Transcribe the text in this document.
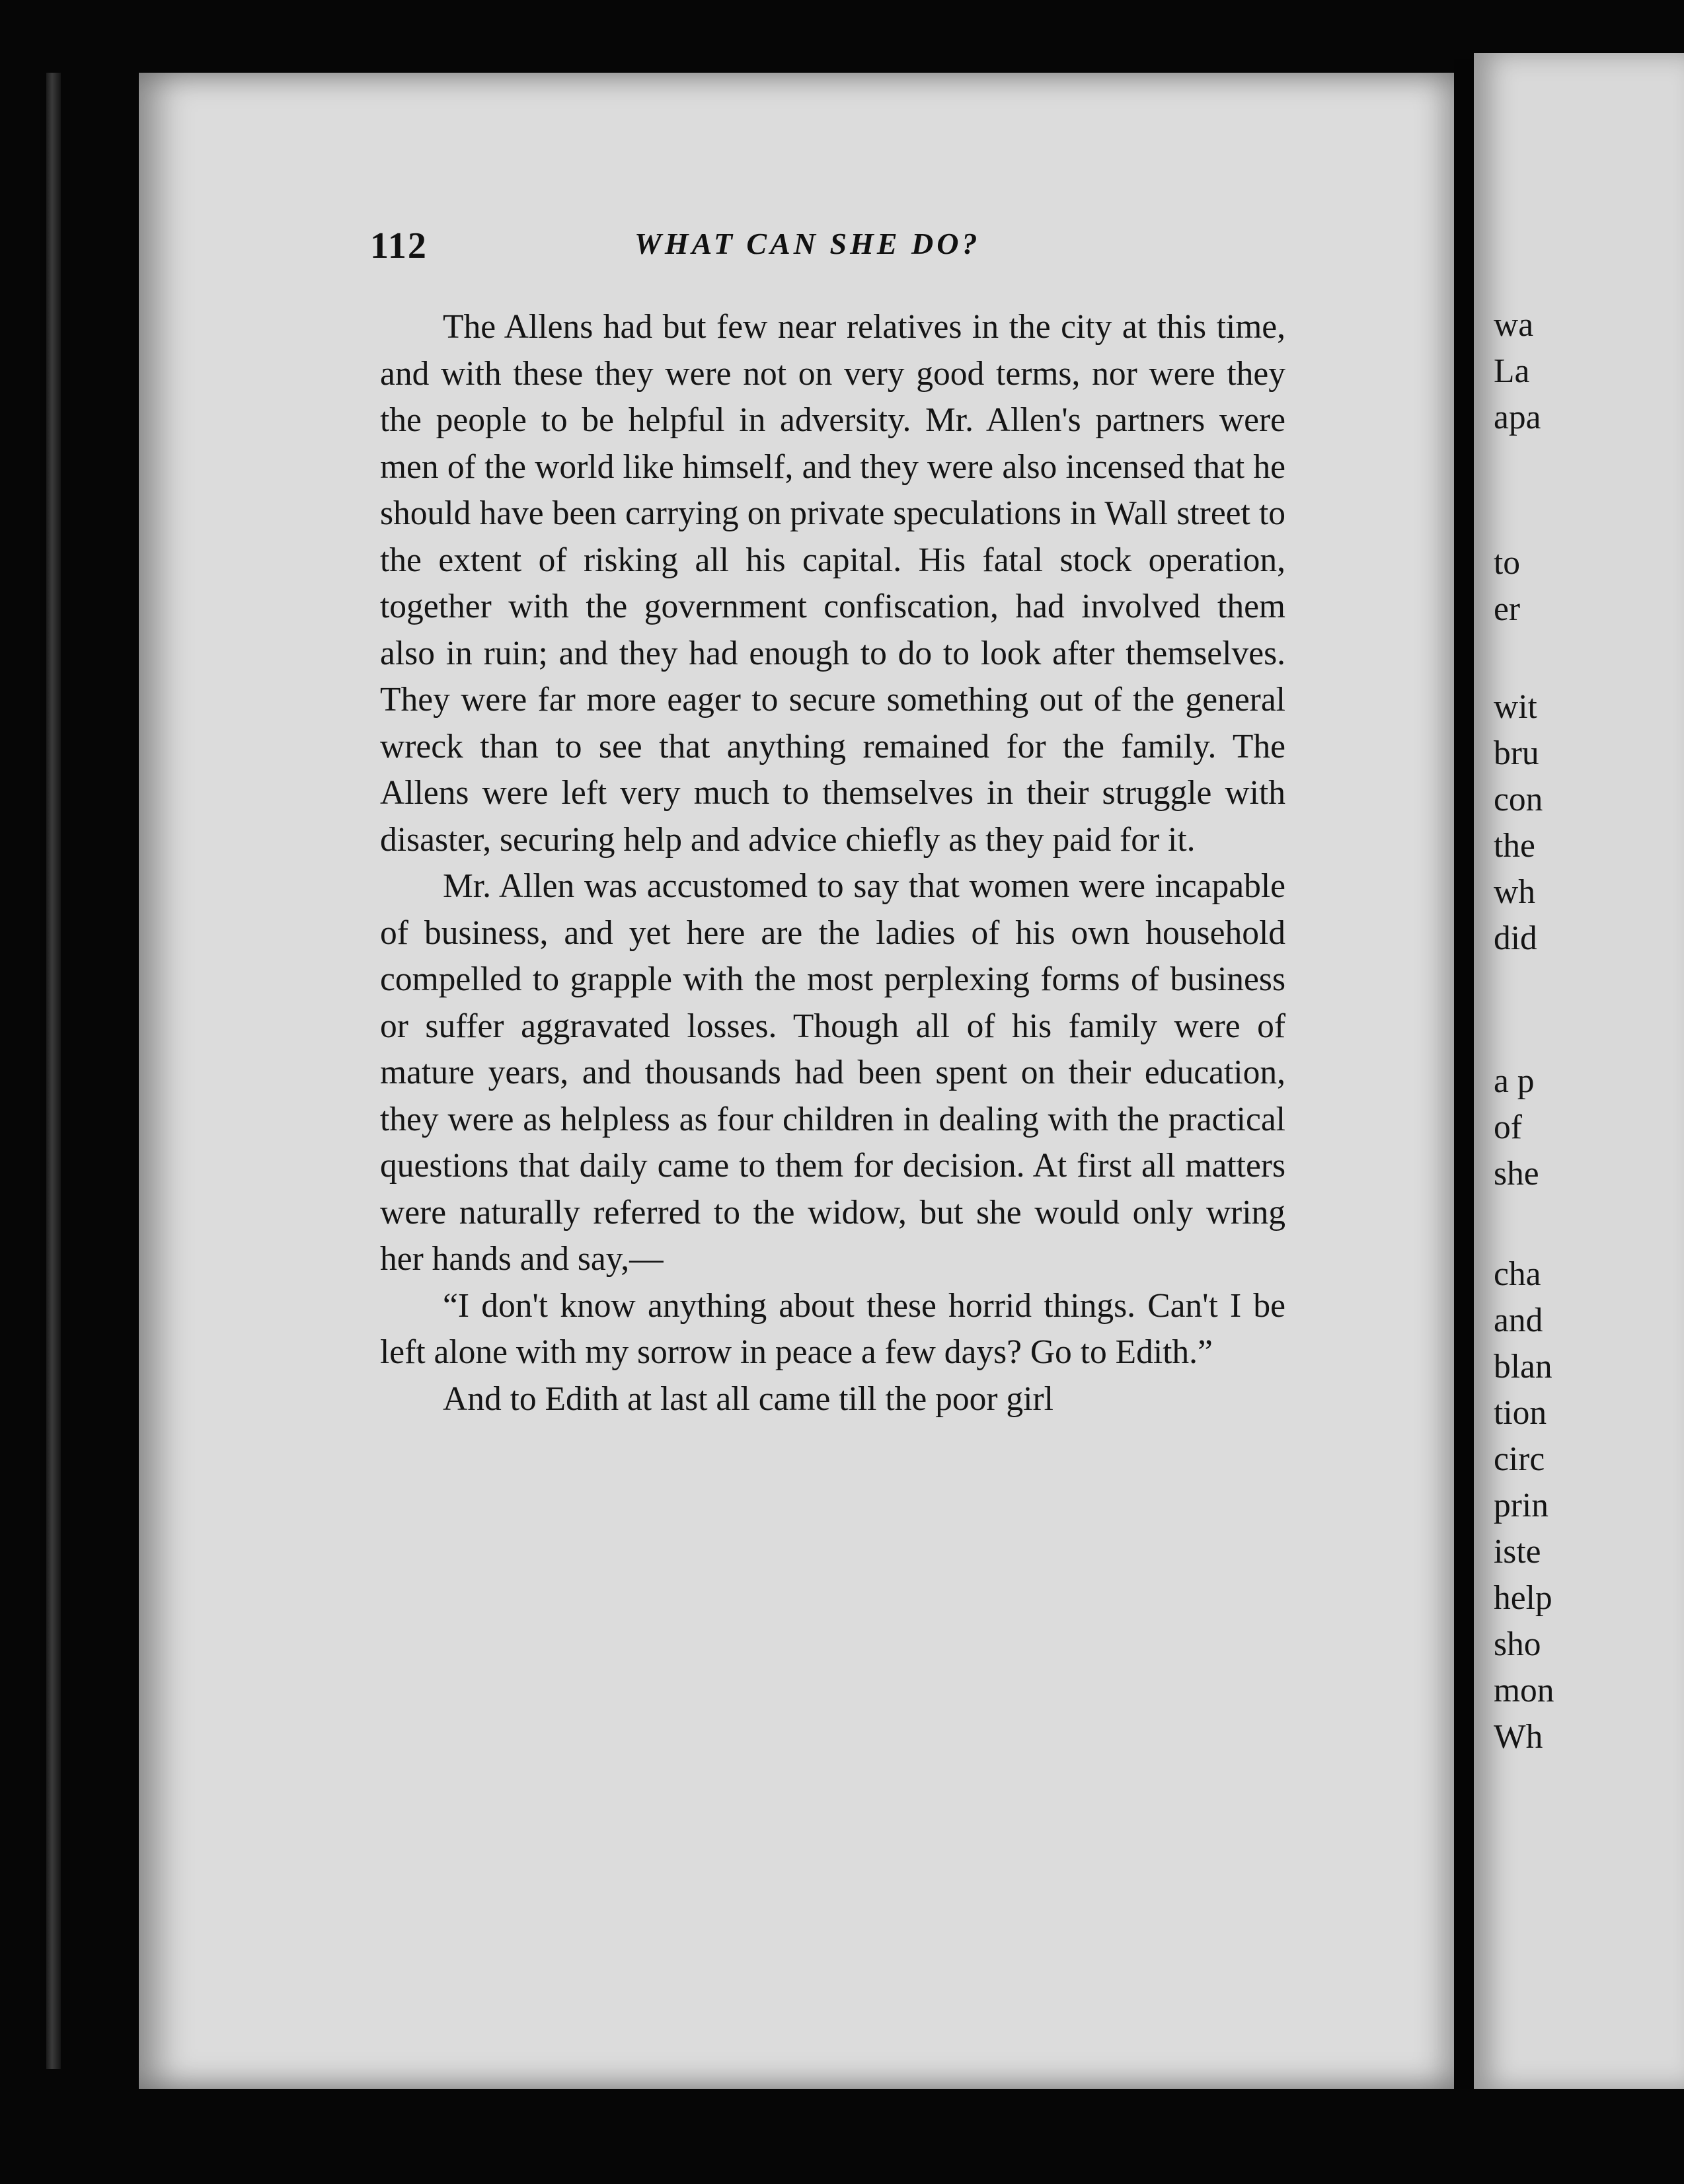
112	WHAT CAN SHE DO?

The Allens had but few near relatives in the city at this time, and with these they were not on very good terms, nor were they the people to be helpful in adversity. Mr. Allen's partners were men of the world like himself, and they were also incensed that he should have been carrying on private speculations in Wall street to the extent of risking all his capital. His fatal stock operation, together with the government confiscation, had involved them also in ruin; and they had enough to do to look after themselves. They were far more eager to secure something out of the general wreck than to see that anything remained for the family. The Allens were left very much to themselves in their struggle with disaster, securing help and advice chiefly as they paid for it.

Mr. Allen was accustomed to say that women were incapable of business, and yet here are the ladies of his own household compelled to grapple with the most perplexing forms of business or suffer aggravated losses. Though all of his family were of mature years, and thousands had been spent on their education, they were as helpless as four children in dealing with the practical questions that daily came to them for decision. At first all matters were naturally referred to the widow, but she would only wring her hands and say,—

“I don't know anything about these horrid things. Can't I be left alone with my sorrow in peace a few days? Go to Edith.”

And to Edith at last all came till the poor girl

wa
La
apa
to
er
wit
bru
con
the
wh
did
a p
of
she
cha
and
blan
tion
circ
prin
iste
help
sho
mon
Wh
